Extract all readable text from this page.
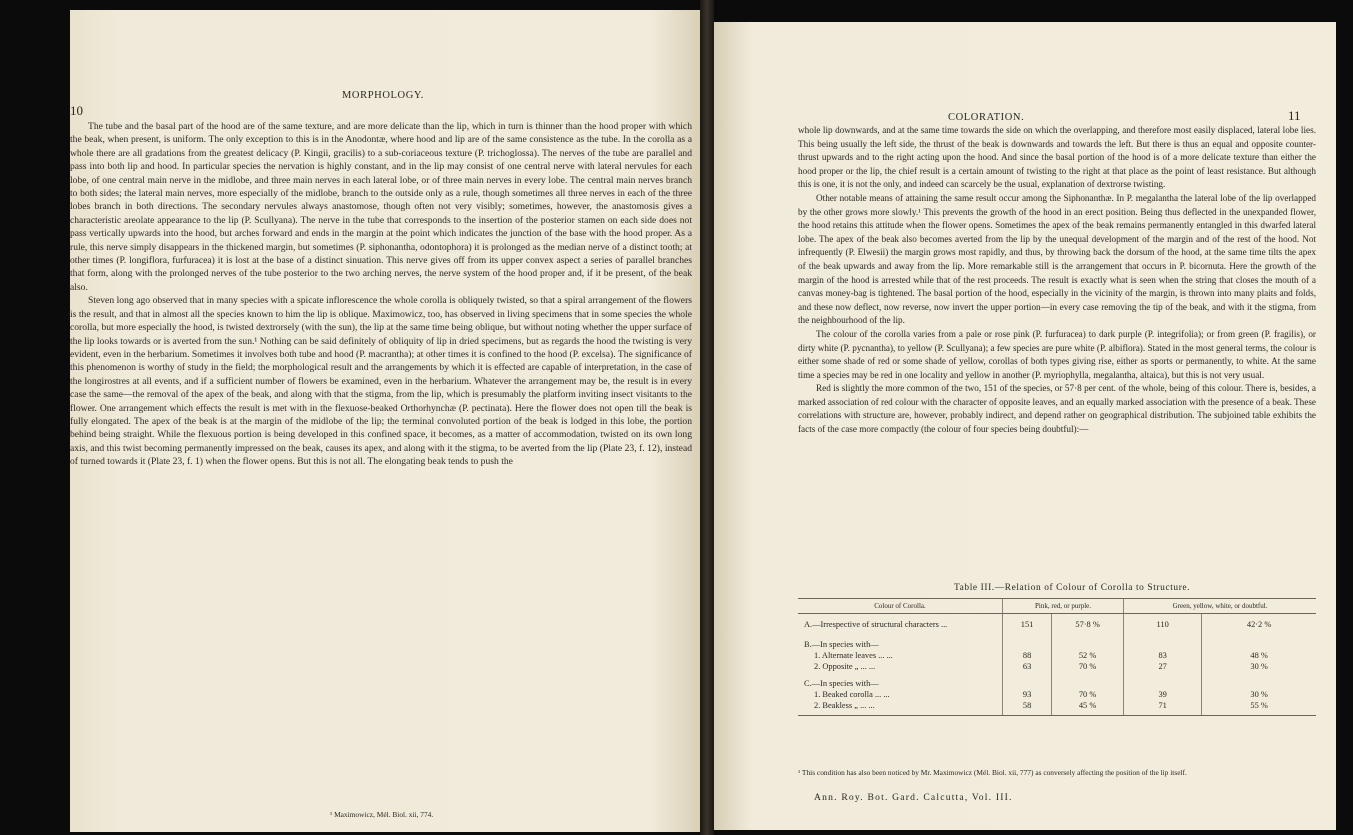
10
MORPHOLOGY.

The tube and the basal part of the hood are of the same texture, and are more delicate than the lip, which in turn is thinner than the hood proper with which the beak, when present, is uniform. The only exception to this is in the Anodontæ, where hood and lip are of the same consistence as the tube. In the corolla as a whole there are all gradations from the greatest delicacy (P. Kingii, gracilis) to a sub-coriaceous texture (P. trichoglossa). The nerves of the tube are parallel and pass into both lip and hood. In particular species the nervation is highly constant, and in the lip may consist of one central nerve with lateral nervules for each lobe, of one central main nerve in the midlobe, and three main nerves in each lateral lobe, or of three main nerves in every lobe. The central main nerves branch to both sides; the lateral main nerves, more especially of the midlobe, branch to the outside only as a rule, though sometimes all three nerves in each of the three lobes branch in both directions. The secondary nervules always anastomose, though often not very visibly; sometimes, however, the anastomosis gives a characteristic areolate appearance to the lip (P. Scullyana). The nerve in the tube that corresponds to the insertion of the posterior stamen on each side does not pass vertically upwards into the hood, but arches forward and ends in the margin at the point which indicates the junction of the base with the hood proper. As a rule, this nerve simply disappears in the thickened margin, but sometimes (P. siphonantha, odontophora) it is prolonged as the median nerve of a distinct tooth; at other times (P. longiflora, furfuracea) it is lost at the base of a distinct sinuation. This nerve gives off from its upper convex aspect a series of parallel branches that form, along with the prolonged nerves of the tube posterior to the two arching nerves, the nerve system of the hood proper and, if it be present, of the beak also.

Steven long ago observed that in many species with a spicate inflorescence the whole corolla is obliquely twisted, so that a spiral arrangement of the flowers is the result, and that in almost all the species known to him the lip is oblique. Maximowicz, too, has observed in living specimens that in some species the whole corolla, but more especially the hood, is twisted dextrorsely (with the sun), the lip at the same time being oblique, but without noting whether the upper surface of the lip looks towards or is averted from the sun.¹ Nothing can be said definitely of obliquity of lip in dried specimens, but as regards the hood the twisting is very evident, even in the herbarium. Sometimes it involves both tube and hood (P. macrantha); at other times it is confined to the hood (P. excelsa). The significance of this phenomenon is worthy of study in the field; the morphological result and the arrangements by which it is effected are capable of interpretation, in the case of the longirostres at all events, and if a sufficient number of flowers be examined, even in the herbarium. Whatever the arrangement may be, the result is in every case the same—the removal of the apex of the beak, and along with that the stigma, from the lip, which is presumably the platform inviting insect visitants to the flower. One arrangement which effects the result is met with in the flexuose-beaked Orthorhynchæ (P. pectinata). Here the flower does not open till the beak is fully elongated. The apex of the beak is at the margin of the midlobe of the lip; the terminal convoluted portion of the beak is lodged in this lobe, the portion behind being straight. While the flexuous portion is being developed in this confined space, it becomes, as a matter of accommodation, twisted on its own long axis, and this twist becoming permanently impressed on the beak, causes its apex, and along with it the stigma, to be averted from the lip (Plate 23, f. 12), instead of turned towards it (Plate 23, f. 1) when the flower opens. But this is not all. The elongating beak tends to push the

¹ Maximowicz, Mél. Biol. xii, 774.
COLORATION.	11

whole lip downwards, and at the same time towards the side on which the overlapping, and therefore most easily displaced, lateral lobe lies. This being usually the left side, the thrust of the beak is downwards and towards the left. But there is thus an equal and opposite counter-thrust upwards and to the right acting upon the hood. And since the basal portion of the hood is of a more delicate texture than either the hood proper or the lip, the chief result is a certain amount of twisting to the right at that place as the point of least resistance. But although this is one, it is not the only, and indeed can scarcely be the usual, explanation of dextrorse twisting.

Other notable means of attaining the same result occur among the Siphonanthæ. In P. megalantha the lateral lobe of the lip overlapped by the other grows more slowly.¹ This prevents the growth of the hood in an erect position. Being thus deflected in the unexpanded flower, the hood retains this attitude when the flower opens. Sometimes the apex of the beak remains permanently entangled in this dwarfed lateral lobe. The apex of the beak also becomes averted from the lip by the unequal development of the margin and of the rest of the hood. Not infrequently (P. Elwesii) the margin grows most rapidly, and thus, by throwing back the dorsum of the hood, at the same time tilts the apex of the beak upwards and away from the lip. More remarkable still is the arrangement that occurs in P. bicornuta. Here the growth of the margin of the hood is arrested while that of the rest proceeds. The result is exactly what is seen when the string that closes the mouth of a canvas money-bag is tightened. The basal portion of the hood, especially in the vicinity of the margin, is thrown into many plaits and folds, and these now deflect, now reverse, now invert the upper portion—in every case removing the tip of the beak, and with it the stigma, from the neighbourhood of the lip.

The colour of the corolla varies from a pale or rose pink (P. furfuracea) to dark purple (P. integrifolia); or from green (P. fragilis), or dirty white (P. pycnantha), to yellow (P. Scullyana); a few species are pure white (P. albiflora). Stated in the most general terms, the colour is either some shade of red or some shade of yellow, corollas of both types giving rise, either as sports or permanently, to white. At the same time a species may be red in one locality and yellow in another (P. myriophylla, megalantha, altaica), but this is not very usual.

Red is slightly the more common of the two, 151 of the species, or 57·8 per cent. of the whole, being of this colour. There is, besides, a marked association of red colour with the character of opposite leaves, and an equally marked association with the presence of a beak. These correlations with structure are, however, probably indirect, and depend rather on geographical distribution. The subjoined table exhibits the facts of the case more compactly (the colour of four species being doubtful):—

Table III.—Relation of Colour of Corolla to Structure.
Colour of Corolla.	Pink, red, or purple.		Green, yellow, white, or doubtful.	
A.—Irrespective of structural characters ...	151	57·8 %	110	42·2 %
B.—In species with—				
1. Alternate leaves ... ...	88	52 %	83	48 %
2. Opposite „ ... ...	63	70 %	27	30 %
C.—In species with—				
1. Beaked corolla ... ...	93	70 %	39	30 %
2. Beakless „ ... ...	58	45 %	71	55 %
¹ This condition has also been noticed by Mr. Maximowicz (Mél. Biol. xii, 777) as conversely affecting the position of the lip itself.
Ann. Roy. Bot. Gard. Calcutta, Vol. III.
